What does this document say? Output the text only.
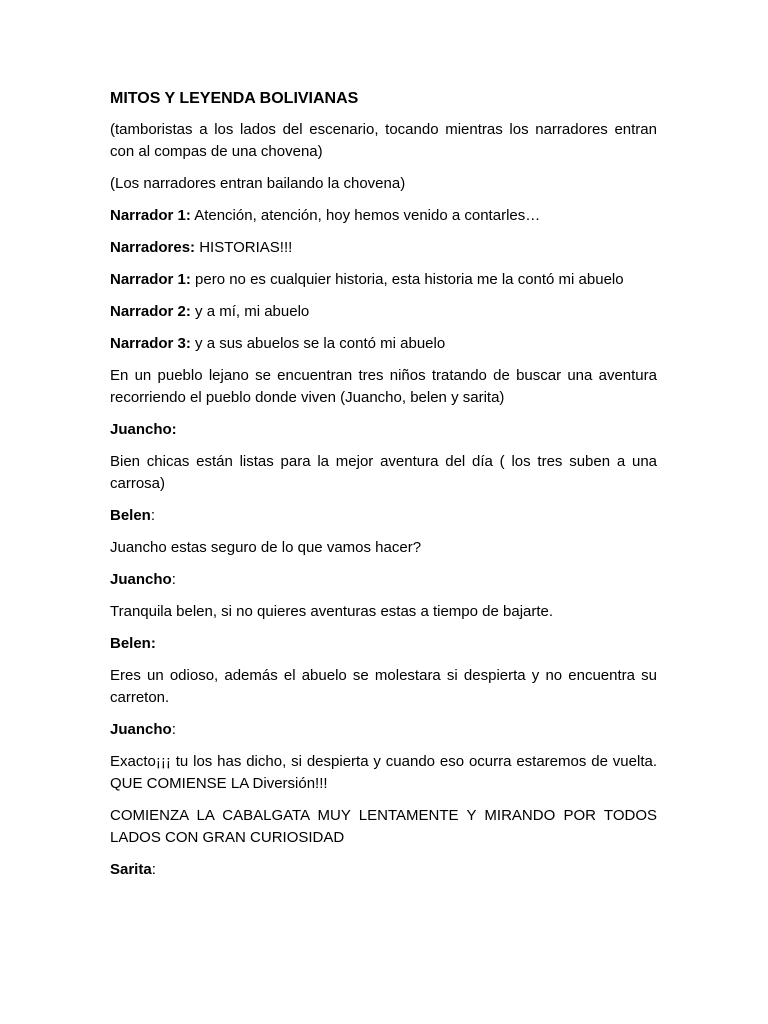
MITOS Y LEYENDA BOLIVIANAS

(tamboristas a los lados del escenario, tocando mientras los narradores entran con al compas de una chovena)

(Los narradores entran bailando la chovena)

Narrador 1: Atención, atención, hoy hemos venido a contarles…

Narradores: HISTORIAS!!!

Narrador 1: pero no es cualquier historia, esta historia me la contó mi abuelo

Narrador 2: y a mí, mi abuelo

Narrador 3: y a sus abuelos se la contó mi abuelo

En un pueblo lejano se encuentran tres niños tratando de buscar una aventura recorriendo el pueblo donde viven (Juancho, belen y sarita)

Juancho:

Bien chicas están listas para la mejor aventura del día ( los tres suben a una carrosa)

Belen:

Juancho estas seguro de lo que vamos hacer?

Juancho:

Tranquila belen, si no quieres aventuras estas a tiempo de bajarte.

Belen:

Eres un odioso, además el abuelo se molestara si despierta y no encuentra su carreton.

Juancho:

Exacto¡¡¡ tu los has dicho, si despierta y cuando eso ocurra estaremos de vuelta. QUE COMIENSE LA Diversión!!!

COMIENZA LA CABALGATA MUY LENTAMENTE Y MIRANDO POR TODOS LADOS CON GRAN CURIOSIDAD

Sarita:
